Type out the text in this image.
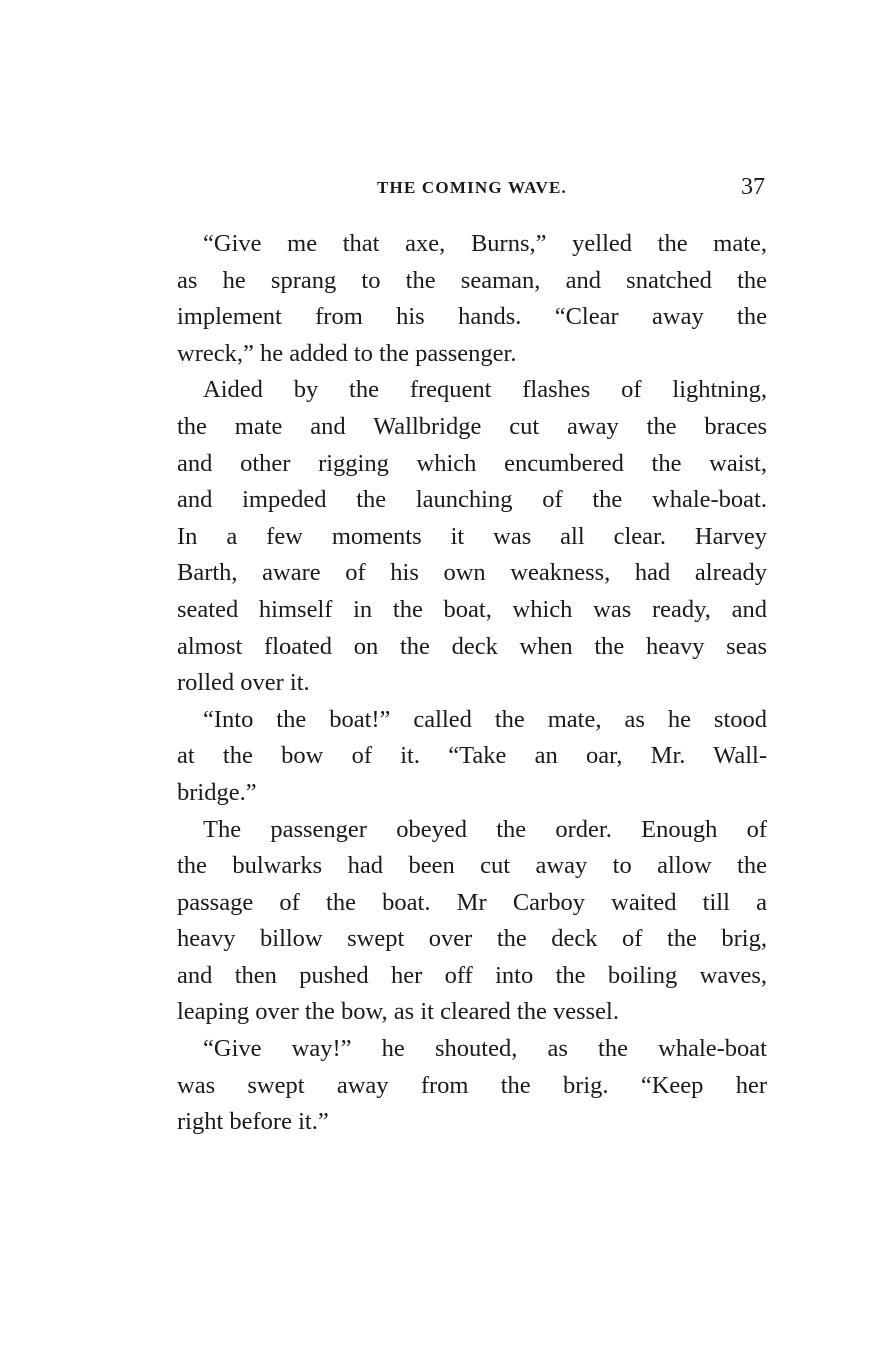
THE COMING WAVE.	37

“Give me that axe, Burns,” yelled the mate,
as he sprang to the seaman, and snatched the
implement from his hands. “Clear away the
wreck,” he added to the passenger.

Aided by the frequent flashes of lightning,
the mate and Wallbridge cut away the braces
and other rigging which encumbered the waist,
and impeded the launching of the whale-boat.
In a few moments it was all clear. Harvey
Barth, aware of his own weakness, had already
seated himself in the boat, which was ready, and
almost floated on the deck when the heavy seas
rolled over it.

“Into the boat!” called the mate, as he stood
at the bow of it. “Take an oar, Mr. Wall-
bridge.”

The passenger obeyed the order. Enough of
the bulwarks had been cut away to allow the
passage of the boat. Mr Carboy waited till a
heavy billow swept over the deck of the brig,
and then pushed her off into the boiling waves,
leaping over the bow, as it cleared the vessel.

“Give way!” he shouted, as the whale-boat
was swept away from the brig. “Keep her
right before it.”
